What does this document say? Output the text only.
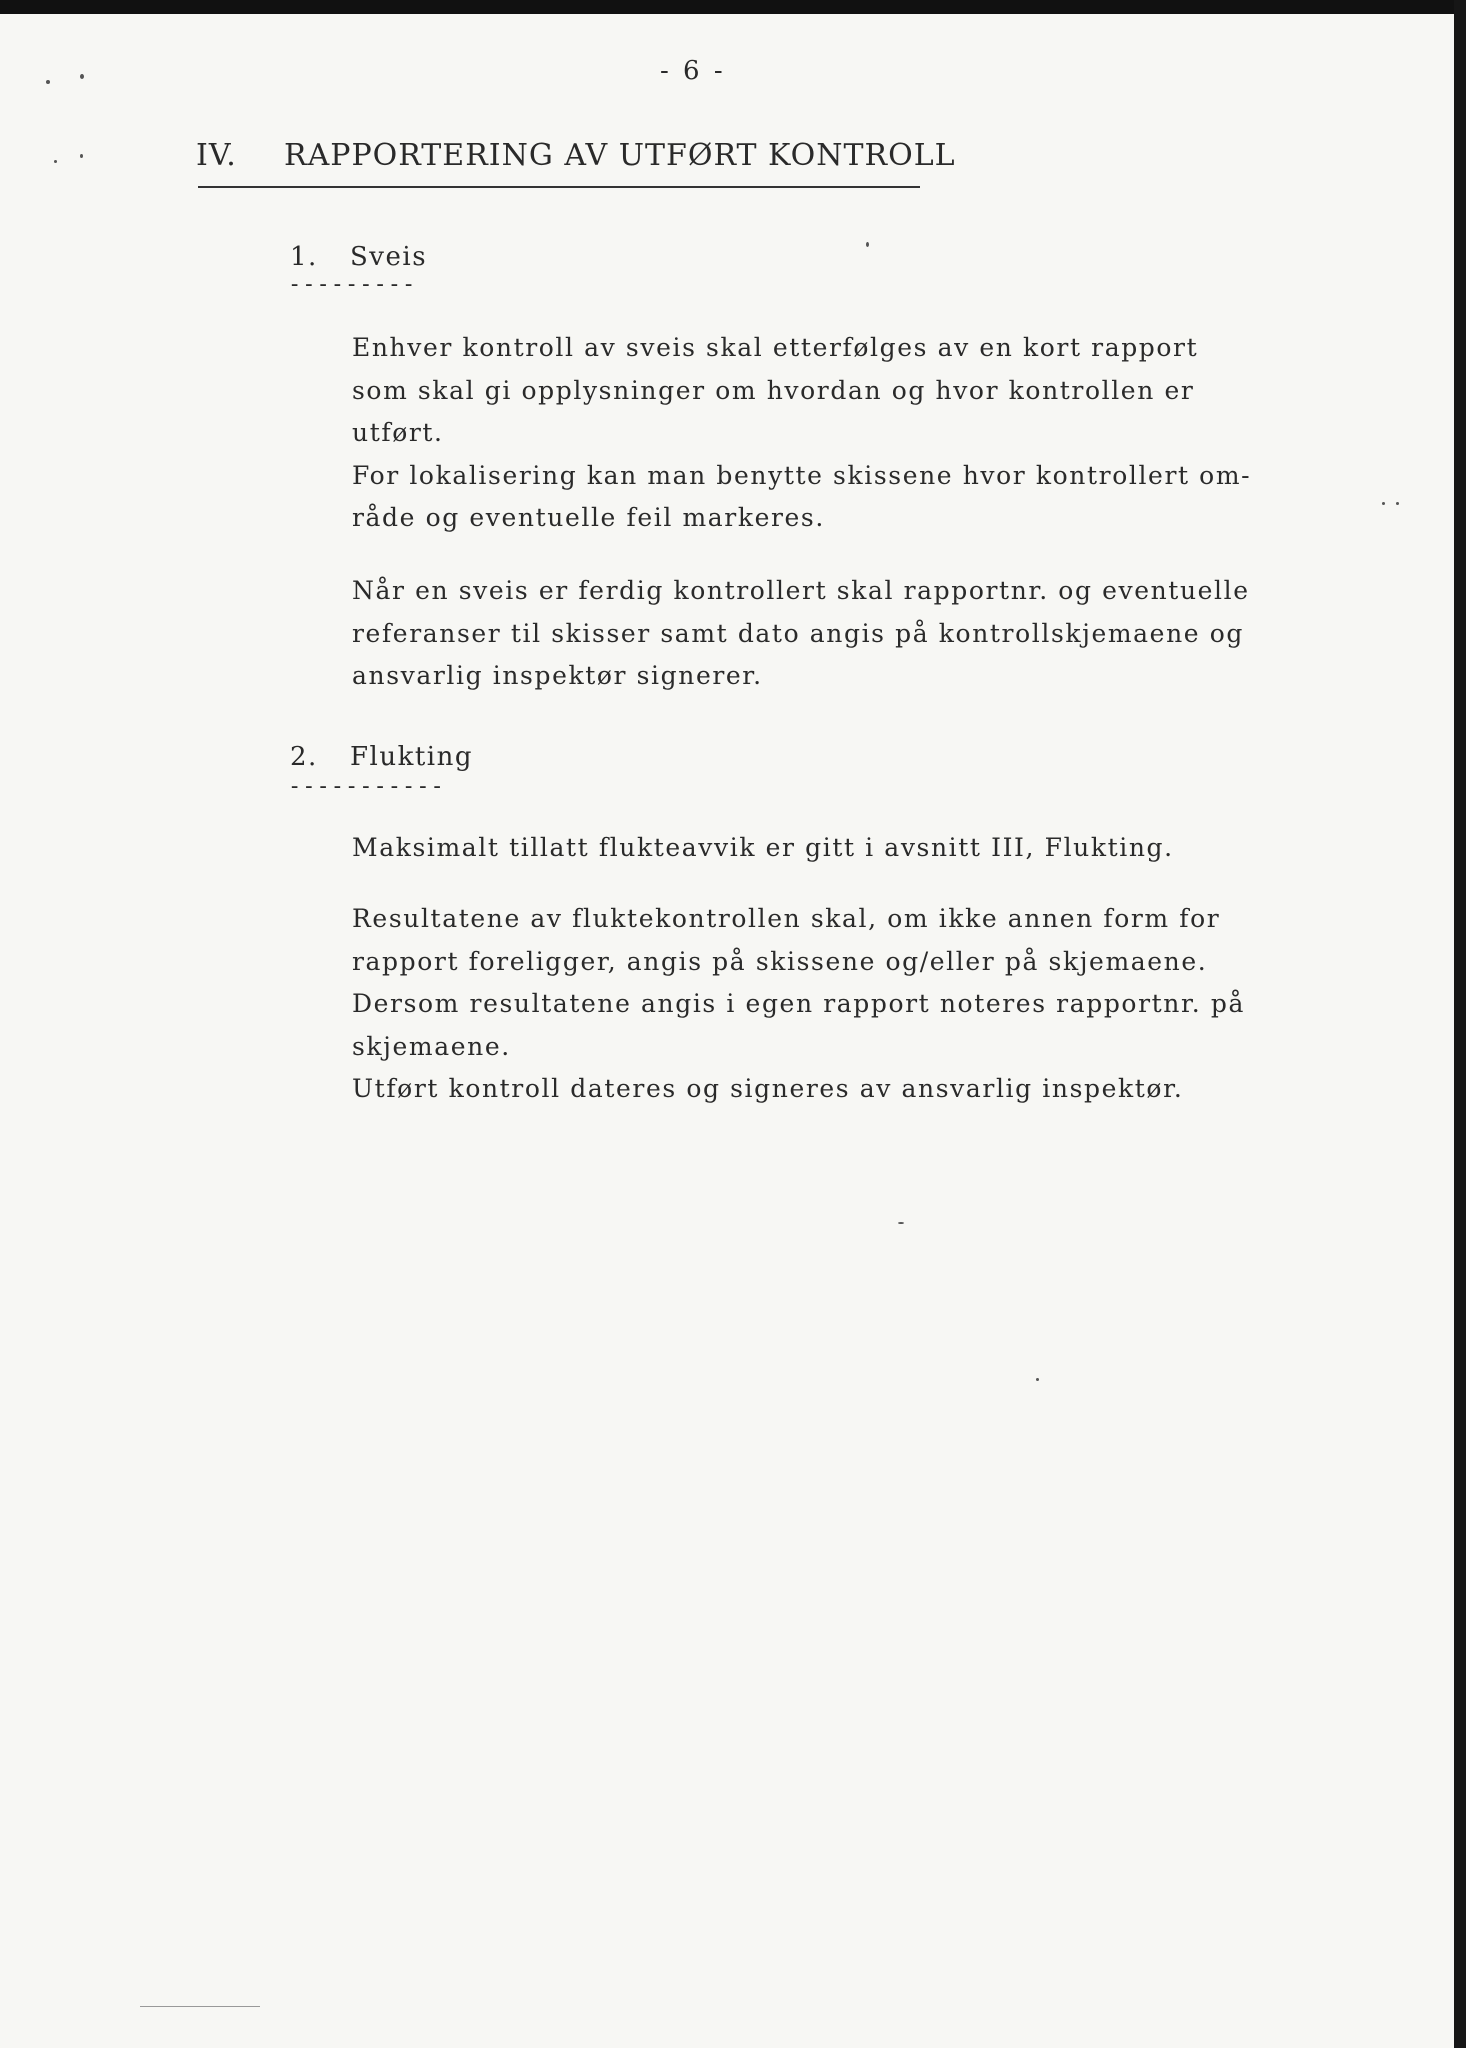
- 6 -
IV. RAPPORTERING AV UTFØRT KONTROLL
1. Sveis
---------
Enhver kontroll av sveis skal etterfølges av en kort rapport
som skal gi opplysninger om hvordan og hvor kontrollen er
utført.
For lokalisering kan man benytte skissene hvor kontrollert om-
råde og eventuelle feil markeres.
Når en sveis er ferdig kontrollert skal rapportnr. og eventuelle
referanser til skisser samt dato angis på kontrollskjemaene og
ansvarlig inspektør signerer.
2. Flukting
-----------
Maksimalt tillatt flukteavvik er gitt i avsnitt III, Flukting.
Resultatene av fluktekontrollen skal, om ikke annen form for
rapport foreligger, angis på skissene og/eller på skjemaene.
Dersom resultatene angis i egen rapport noteres rapportnr. på
skjemaene.
Utført kontroll dateres og signeres av ansvarlig inspektør.
